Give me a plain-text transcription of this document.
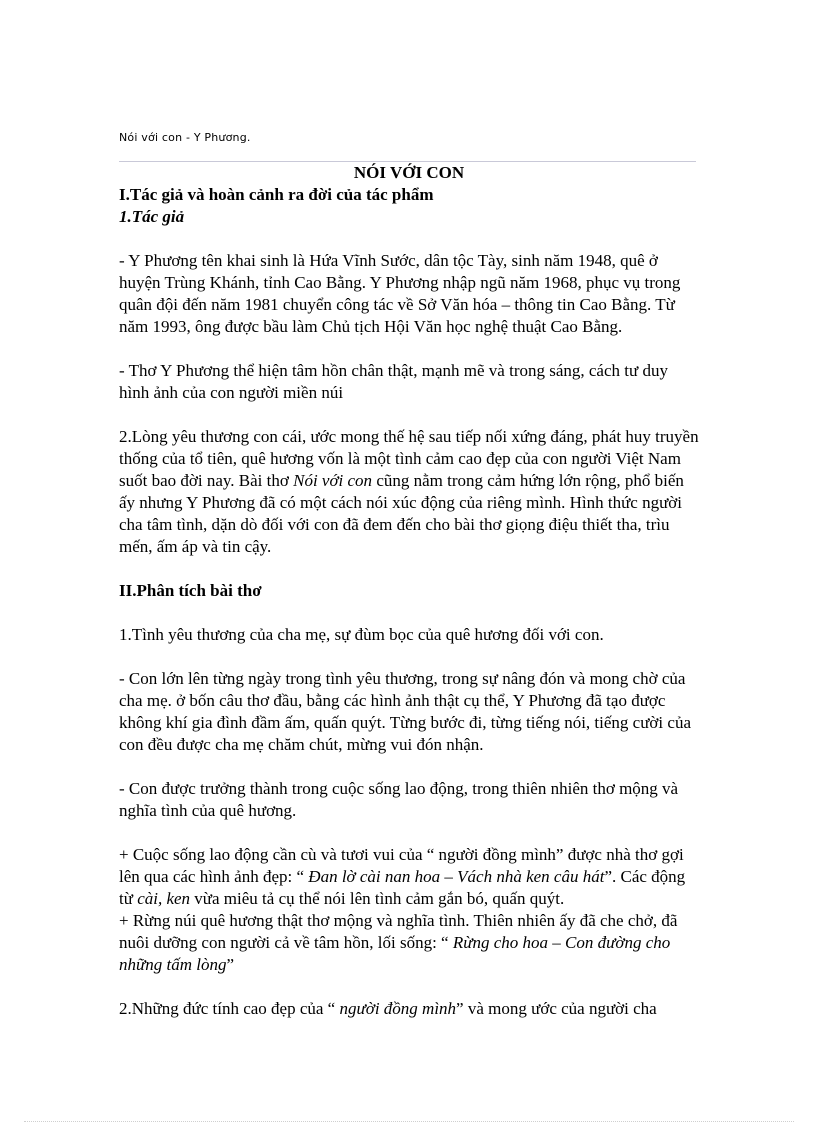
Nói với con - Y Phương.

NÓI VỚI CON

I.Tác giả và hoàn cảnh ra đời của tác phẩm

1.Tác giả

- Y Phương tên khai sinh là Hứa Vĩnh Sước, dân tộc Tày, sinh năm 1948, quê ở huyện Trùng Khánh, tỉnh Cao Bằng. Y Phương nhập ngũ năm 1968, phục vụ trong quân đội đến năm 1981 chuyển công tác về Sở Văn hóa – thông tin Cao Bằng. Từ năm 1993, ông được bầu làm Chủ tịch Hội Văn học nghệ thuật Cao Bằng.

- Thơ Y Phương thể hiện tâm hồn chân thật, mạnh mẽ và trong sáng, cách tư duy hình ảnh của con người miền núi

2.Lòng yêu thương con cái, ước mong thế hệ sau tiếp nối xứng đáng, phát huy truyền thống của tổ tiên, quê hương vốn là một tình cảm cao đẹp của con người Việt Nam suốt bao đời nay. Bài thơ Nói với con cũng nằm trong cảm hứng lớn rộng, phổ biến ấy nhưng Y Phương đã có một cách nói xúc động của riêng mình. Hình thức người cha tâm tình, dặn dò đối với con đã đem đến cho bài thơ giọng điệu thiết tha, trìu mến, ấm áp và tin cậy.

II.Phân tích bài thơ

1.Tình yêu thương của cha mẹ, sự đùm bọc của quê hương đối với con.

- Con lớn lên từng ngày trong tình yêu thương, trong sự nâng đón và mong chờ của cha mẹ. ở bốn câu thơ đầu, bằng các hình ảnh thật cụ thể, Y Phương đã tạo được không khí gia đình đầm ấm, quấn quýt. Từng bước đi, từng tiếng nói, tiếng cười của con đều được cha mẹ chăm chút, mừng vui đón nhận.

- Con được trưởng thành trong cuộc sống lao động, trong thiên nhiên thơ mộng và nghĩa tình của quê hương.

+ Cuộc sống lao động cần cù và tươi vui của “ người đồng mình” được nhà thơ gợi lên qua các hình ảnh đẹp: “ Đan lờ cài nan hoa – Vách nhà ken câu hát”. Các động từ cài, ken vừa miêu tả cụ thể nói lên tình cảm gắn bó, quấn quýt.

+ Rừng núi quê hương thật thơ mộng và nghĩa tình. Thiên nhiên ấy đã che chở, đã nuôi dưỡng con người cả về tâm hồn, lối sống: “ Rừng cho hoa – Con đường cho những tấm lòng”

2.Những đức tính cao đẹp của “ người đồng mình” và mong ước của người cha
